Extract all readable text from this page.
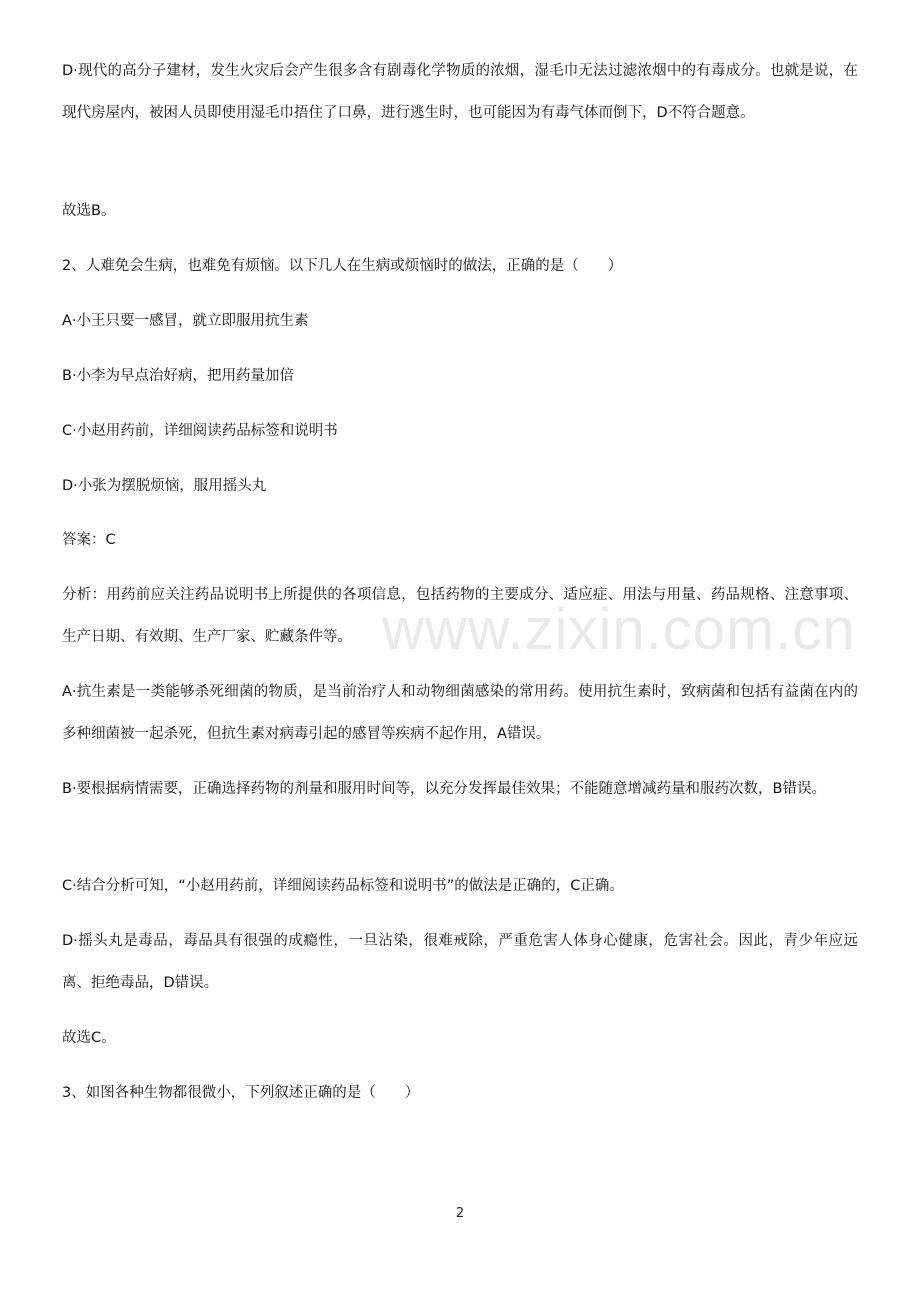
www.zixin.com.cn

D·现代的高分子建材，发生火灾后会产生很多含有剧毒化学物质的浓烟，湿毛巾无法过滤浓烟中的有毒成分。也就是说，在现代房屋内，被困人员即使用湿毛巾捂住了口鼻，进行逃生时，也可能因为有毒气体而倒下，D不符合题意。

故选B。

2、人难免会生病，也难免有烦恼。以下几人在生病或烦恼时的做法，正确的是（　　）

A·小王只要一感冒，就立即服用抗生素

B·小李为早点治好病，把用药量加倍

C·小赵用药前，详细阅读药品标签和说明书

D·小张为摆脱烦恼，服用摇头丸

答案：C

分析：用药前应关注药品说明书上所提供的各项信息，包括药物的主要成分、适应症、用法与用量、药品规格、注意事项、生产日期、有效期、生产厂家、贮藏条件等。

A·抗生素是一类能够杀死细菌的物质，是当前治疗人和动物细菌感染的常用药。使用抗生素时，致病菌和包括有益菌在内的多种细菌被一起杀死，但抗生素对病毒引起的感冒等疾病不起作用，A错误。

B·要根据病情需要，正确选择药物的剂量和服用时间等，以充分发挥最佳效果；不能随意增减药量和服药次数，B错误。

C·结合分析可知，“小赵用药前，详细阅读药品标签和说明书”的做法是正确的，C正确。

D·摇头丸是毒品，毒品具有很强的成瘾性，一旦沾染，很难戒除，严重危害人体身心健康，危害社会。因此，青少年应远离、拒绝毒品，D错误。

故选C。

3、如图各种生物都很微小，下列叙述正确的是（　　）

2
